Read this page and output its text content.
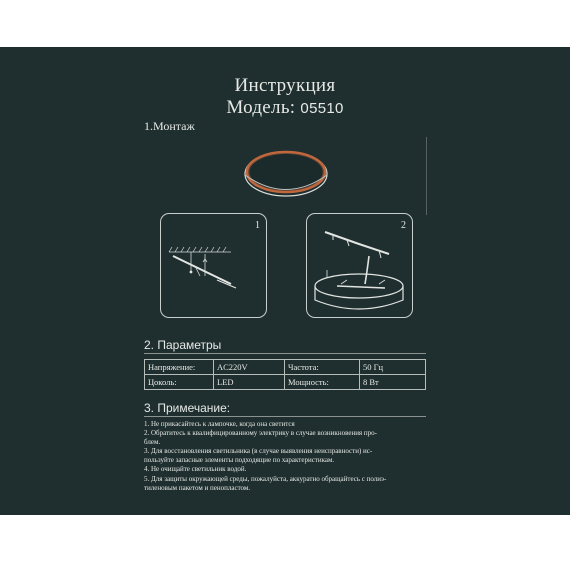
Инструкция
Модель: 05510
1.Монтаж
1	2
2. Параметры
Напряжение:	AC220V	Частота:	50 Гц
Цоколь:	LED	Мощность:	8 Вт
3. Примечание:

1. Не прикасайтесь к лампочке, когда она светится

2. Обратитесь к квалифицированному электрику в случае возникновения про-

блем.

3. Для восстановления светильника (в случае выявления неисправности) ис-

пользуйте запасные элементы подходящие по характеристикам.

4. Не очищайте светильник водой.

5. Для защиты окружающей среды, пожалуйста, аккуратно обращайтесь с полиэ-

тиленовым пакетом и пенопластом.
